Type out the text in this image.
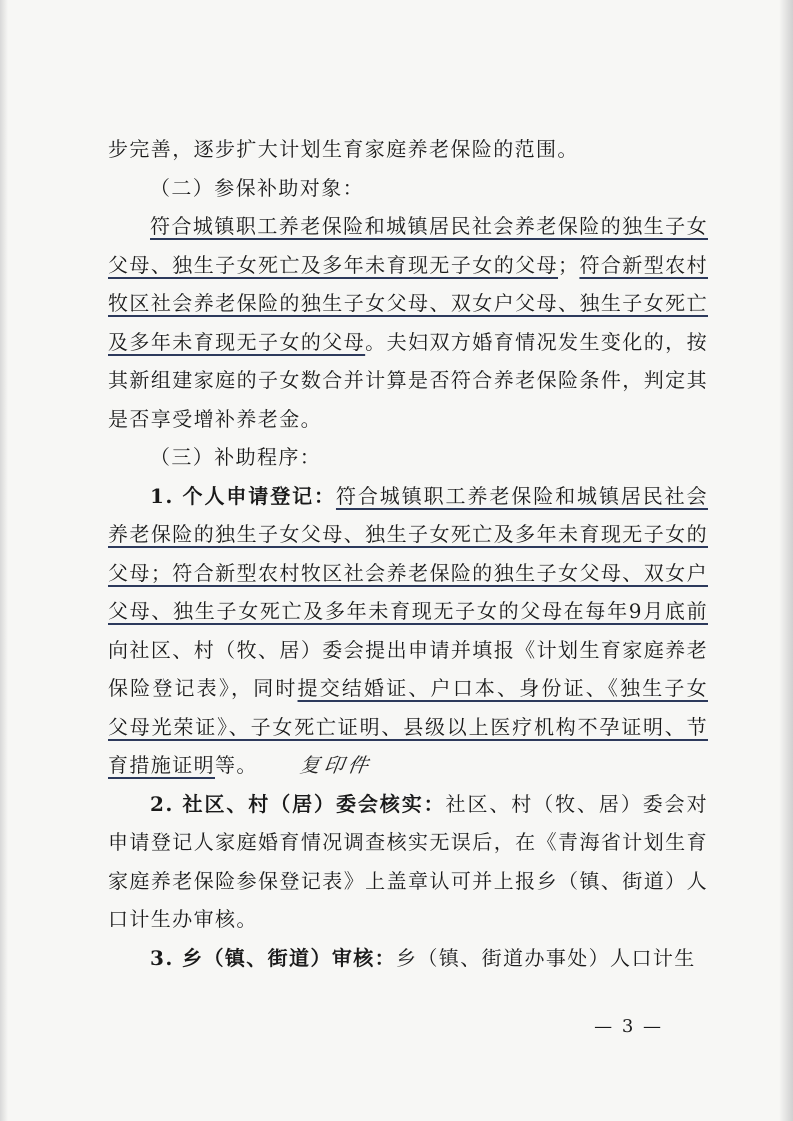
步完善，逐步扩大计划生育家庭养老保险的范围。

（二）参保补助对象：

符合城镇职工养老保险和城镇居民社会养老保险的独生子女父母、独生子女死亡及多年未育现无子女的父母；符合新型农村牧区社会养老保险的独生子女父母、双女户父母、独生子女死亡及多年未育现无子女的父母。夫妇双方婚育情况发生变化的，按其新组建家庭的子女数合并计算是否符合养老保险条件，判定其是否享受增补养老金。

（三）补助程序：

1. 个人申请登记：符合城镇职工养老保险和城镇居民社会养老保险的独生子女父母、独生子女死亡及多年未育现无子女的父母；符合新型农村牧区社会养老保险的独生子女父母、双女户父母、独生子女死亡及多年未育现无子女的父母在每年9月底前向社区、村（牧、居）委会提出申请并填报《计划生育家庭养老保险登记表》，同时提交结婚证、户口本、身份证、《独生子女父母光荣证》、子女死亡证明、县级以上医疗机构不孕证明、节育措施证明等。 复印件

2. 社区、村（居）委会核实：社区、村（牧、居）委会对申请登记人家庭婚育情况调查核实无误后，在《青海省计划生育家庭养老保险参保登记表》上盖章认可并上报乡（镇、街道）人口计生办审核。

3. 乡（镇、街道）审核：乡（镇、街道办事处）人口计生

— 3 —
